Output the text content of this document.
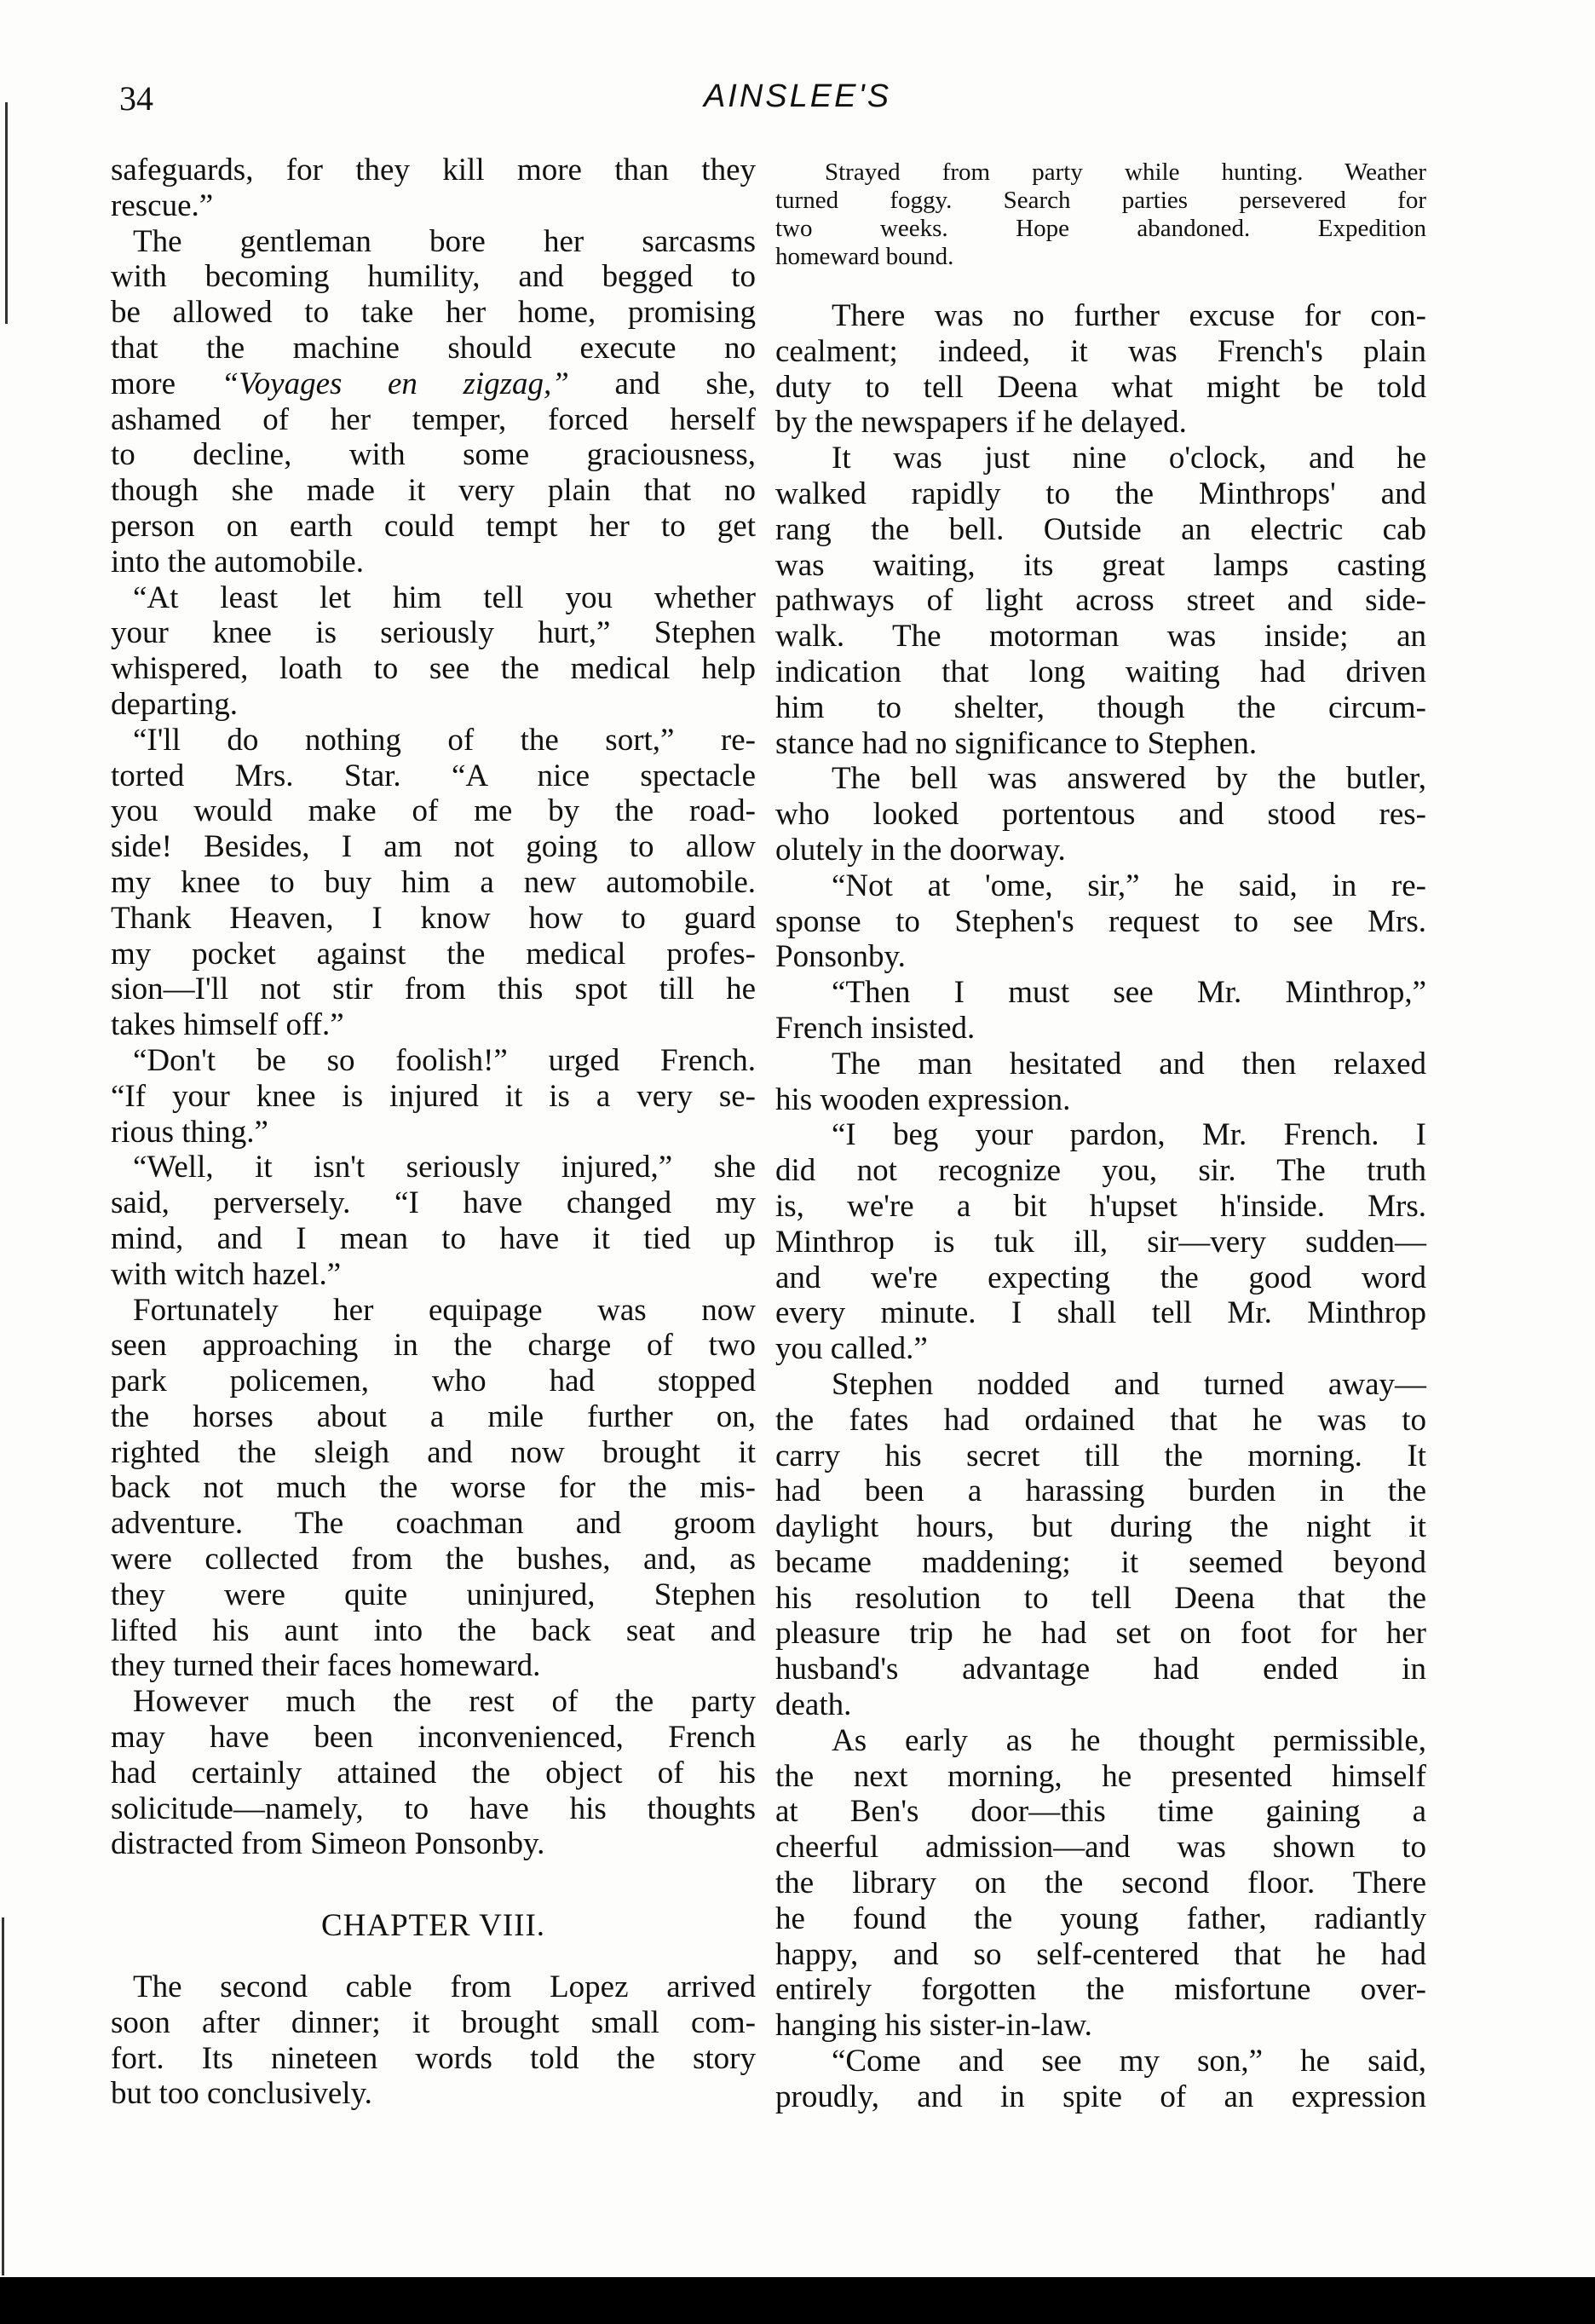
34	AINSLEE'S
safeguards, for they kill more than they
rescue.”
The gentleman bore her sarcasms
with becoming humility, and begged to
be allowed to take her home, promising
that the machine should execute no
more “Voyages en zigzag,” and she,
ashamed of her temper, forced herself
to decline, with some graciousness,
though she made it very plain that no
person on earth could tempt her to get
into the automobile.
“At least let him tell you whether
your knee is seriously hurt,” Stephen
whispered, loath to see the medical help
departing.
“I'll do nothing of the sort,” re-
torted Mrs. Star. “A nice spectacle
you would make of me by the road-
side! Besides, I am not going to allow
my knee to buy him a new automobile.
Thank Heaven, I know how to guard
my pocket against the medical profes-
sion—I'll not stir from this spot till he
takes himself off.”
“Don't be so foolish!” urged French.
“If your knee is injured it is a very se-
rious thing.”
“Well, it isn't seriously injured,” she
said, perversely. “I have changed my
mind, and I mean to have it tied up
with witch hazel.”
Fortunately her equipage was now
seen approaching in the charge of two
park policemen, who had stopped
the horses about a mile further on,
righted the sleigh and now brought it
back not much the worse for the mis-
adventure. The coachman and groom
were collected from the bushes, and, as
they were quite uninjured, Stephen
lifted his aunt into the back seat and
they turned their faces homeward.
However much the rest of the party
may have been inconvenienced, French
had certainly attained the object of his
solicitude—namely, to have his thoughts
distracted from Simeon Ponsonby.
CHAPTER VIII.
The second cable from Lopez arrived
soon after dinner; it brought small com-
fort. Its nineteen words told the story
but too conclusively.
Strayed from party while hunting. Weather
turned foggy. Search parties persevered for
two weeks. Hope abandoned. Expedition
homeward bound.
There was no further excuse for con-
cealment; indeed, it was French's plain
duty to tell Deena what might be told
by the newspapers if he delayed.
It was just nine o'clock, and he
walked rapidly to the Minthrops' and
rang the bell. Outside an electric cab
was waiting, its great lamps casting
pathways of light across street and side-
walk. The motorman was inside; an
indication that long waiting had driven
him to shelter, though the circum-
stance had no significance to Stephen.
The bell was answered by the butler,
who looked portentous and stood res-
olutely in the doorway.
“Not at 'ome, sir,” he said, in re-
sponse to Stephen's request to see Mrs.
Ponsonby.
“Then I must see Mr. Minthrop,”
French insisted.
The man hesitated and then relaxed
his wooden expression.
“I beg your pardon, Mr. French. I
did not recognize you, sir. The truth
is, we're a bit h'upset h'inside. Mrs.
Minthrop is tuk ill, sir—very sudden—
and we're expecting the good word
every minute. I shall tell Mr. Minthrop
you called.”
Stephen nodded and turned away—
the fates had ordained that he was to
carry his secret till the morning. It
had been a harassing burden in the
daylight hours, but during the night it
became maddening; it seemed beyond
his resolution to tell Deena that the
pleasure trip he had set on foot for her
husband's advantage had ended in
death.
As early as he thought permissible,
the next morning, he presented himself
at Ben's door—this time gaining a
cheerful admission—and was shown to
the library on the second floor. There
he found the young father, radiantly
happy, and so self-centered that he had
entirely forgotten the misfortune over-
hanging his sister-in-law.
“Come and see my son,” he said,
proudly, and in spite of an expression
